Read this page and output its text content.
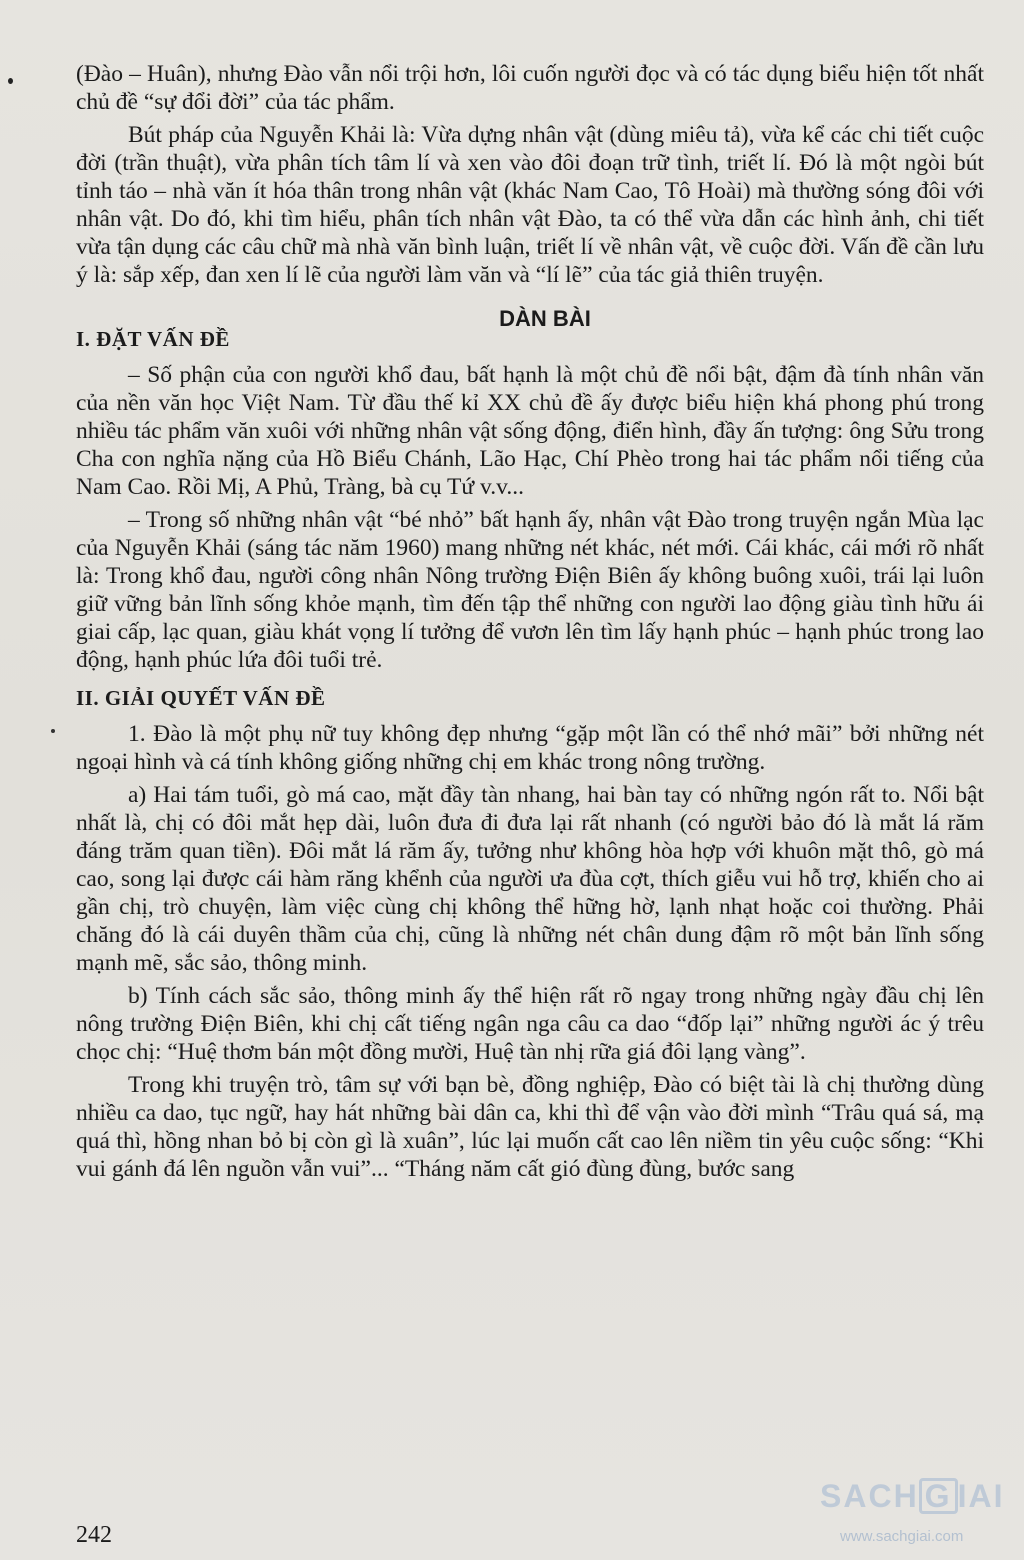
(Đào – Huân), nhưng Đào vẫn nổi trội hơn, lôi cuốn người đọc và có tác dụng biểu hiện tốt nhất chủ đề “sự đổi đời” của tác phẩm.

Bút pháp của Nguyễn Khải là: Vừa dựng nhân vật (dùng miêu tả), vừa kể các chi tiết cuộc đời (trần thuật), vừa phân tích tâm lí và xen vào đôi đoạn trữ tình, triết lí. Đó là một ngòi bút tỉnh táo – nhà văn ít hóa thân trong nhân vật (khác Nam Cao, Tô Hoài) mà thường sóng đôi với nhân vật. Do đó, khi tìm hiểu, phân tích nhân vật Đào, ta có thể vừa dẫn các hình ảnh, chi tiết vừa tận dụng các câu chữ mà nhà văn bình luận, triết lí về nhân vật, về cuộc đời. Vấn đề cần lưu ý là: sắp xếp, đan xen lí lẽ của người làm văn và “lí lẽ” của tác giả thiên truyện.

DÀN BÀI
I. ĐẶT VẤN ĐỀ

– Số phận của con người khổ đau, bất hạnh là một chủ đề nổi bật, đậm đà tính nhân văn của nền văn học Việt Nam. Từ đầu thế kỉ XX chủ đề ấy được biểu hiện khá phong phú trong nhiều tác phẩm văn xuôi với những nhân vật sống động, điển hình, đầy ấn tượng: ông Sửu trong Cha con nghĩa nặng của Hồ Biểu Chánh, Lão Hạc, Chí Phèo trong hai tác phẩm nổi tiếng của Nam Cao. Rồi Mị, A Phủ, Tràng, bà cụ Tứ v.v...

– Trong số những nhân vật “bé nhỏ” bất hạnh ấy, nhân vật Đào trong truyện ngắn Mùa lạc của Nguyễn Khải (sáng tác năm 1960) mang những nét khác, nét mới. Cái khác, cái mới rõ nhất là: Trong khổ đau, người công nhân Nông trường Điện Biên ấy không buông xuôi, trái lại luôn giữ vững bản lĩnh sống khỏe mạnh, tìm đến tập thể những con người lao động giàu tình hữu ái giai cấp, lạc quan, giàu khát vọng lí tưởng để vươn lên tìm lấy hạnh phúc – hạnh phúc trong lao động, hạnh phúc lứa đôi tuổi trẻ.

II. GIẢI QUYẾT VẤN ĐỀ

1. Đào là một phụ nữ tuy không đẹp nhưng “gặp một lần có thể nhớ mãi” bởi những nét ngoại hình và cá tính không giống những chị em khác trong nông trường.

a) Hai tám tuổi, gò má cao, mặt đầy tàn nhang, hai bàn tay có những ngón rất to. Nổi bật nhất là, chị có đôi mắt hẹp dài, luôn đưa đi đưa lại rất nhanh (có người bảo đó là mắt lá răm đáng trăm quan tiền). Đôi mắt lá răm ấy, tưởng như không hòa hợp với khuôn mặt thô, gò má cao, song lại được cái hàm răng khểnh của người ưa đùa cợt, thích giễu vui hỗ trợ, khiến cho ai gần chị, trò chuyện, làm việc cùng chị không thể hững hờ, lạnh nhạt hoặc coi thường. Phải chăng đó là cái duyên thầm của chị, cũng là những nét chân dung đậm rõ một bản lĩnh sống mạnh mẽ, sắc sảo, thông minh.

b) Tính cách sắc sảo, thông minh ấy thể hiện rất rõ ngay trong những ngày đầu chị lên nông trường Điện Biên, khi chị cất tiếng ngân nga câu ca dao “đốp lại” những người ác ý trêu chọc chị: “Huệ thơm bán một đồng mười, Huệ tàn nhị rữa giá đôi lạng vàng”.

Trong khi truyện trò, tâm sự với bạn bè, đồng nghiệp, Đào có biệt tài là chị thường dùng nhiều ca dao, tục ngữ, hay hát những bài dân ca, khi thì để vận vào đời mình “Trâu quá sá, mạ quá thì, hồng nhan bỏ bị còn gì là xuân”, lúc lại muốn cất cao lên niềm tin yêu cuộc sống: “Khi vui gánh đá lên nguồn vẫn vui”... “Tháng năm cất gió đùng đùng, bước sang

242
SACH G IAI
www.sachgiai.com
